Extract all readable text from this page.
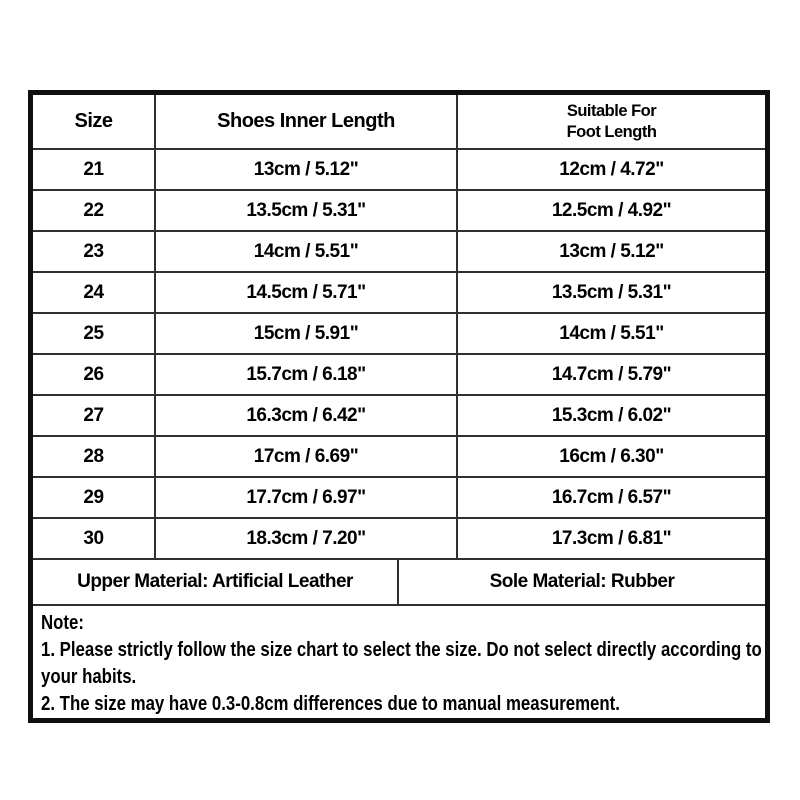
Size	Shoes Inner Length	Suitable For
Foot Length
21	13cm / 5.12"	12cm / 4.72"
22	13.5cm / 5.31"	12.5cm / 4.92"
23	14cm / 5.51"	13cm / 5.12"
24	14.5cm / 5.71"	13.5cm / 5.31"
25	15cm / 5.91"	14cm / 5.51"
26	15.7cm / 6.18"	14.7cm / 5.79"
27	16.3cm / 6.42"	15.3cm / 6.02"
28	17cm / 6.69"	16cm / 6.30"
29	17.7cm / 6.97"	16.7cm / 6.57"
30	18.3cm / 7.20"	17.3cm / 6.81"
Upper Material: Artificial Leather	Sole Material: Rubber
Note:
1. Please strictly follow the size chart to select the size. Do not select directly according to your habits.
2. The size may have 0.3-0.8cm differences due to manual measurement.
